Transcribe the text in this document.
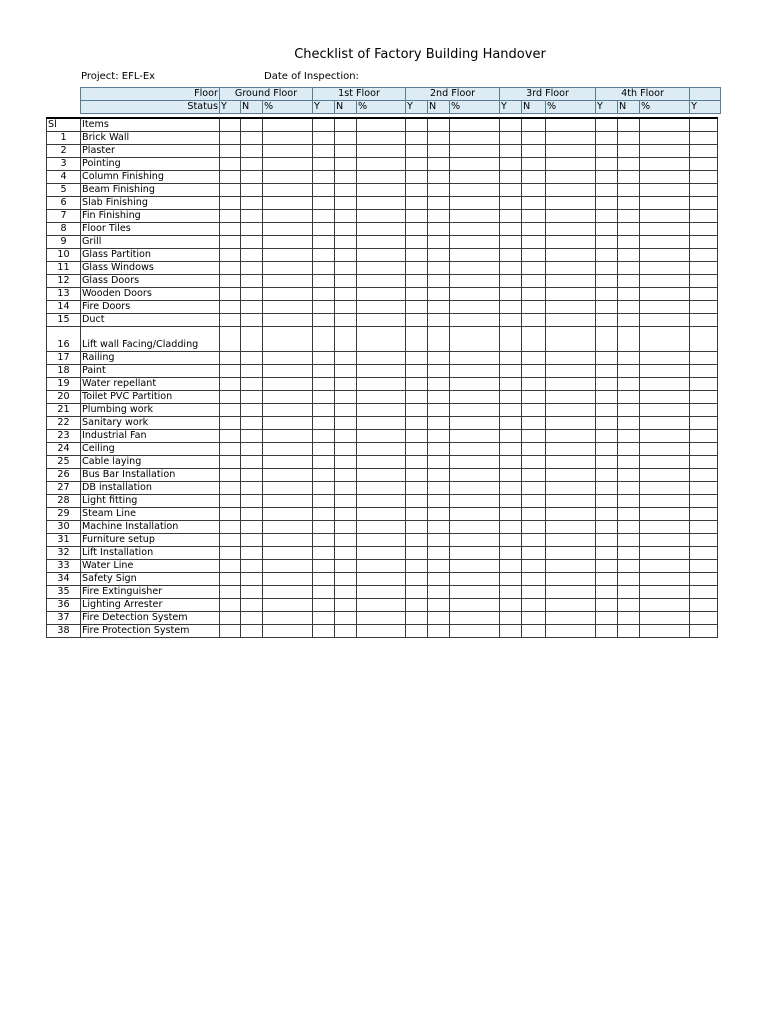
Checklist of Factory Building Handover
Project: EFL-Ex	Date of Inspection:
Floor	Ground Floor			1st Floor			2nd Floor			3rd Floor			4th Floor			
Status	Y	N	%	Y	N	%	Y	N	%	Y	N	%	Y	N	%	Y
Sl	Items																
1	Brick Wall																
2	Plaster																
3	Pointing																
4	Column Finishing																
5	Beam Finishing																
6	Slab Finishing																
7	Fin Finishing																
8	Floor Tiles																
9	Grill																
10	Glass Partition																
11	Glass Windows																
12	Glass Doors																
13	Wooden Doors																
14	Fire Doors																
15	Duct																
16	Lift wall Facing/Cladding																
17	Railing																
18	Paint																
19	Water repellant																
20	Toilet PVC Partition																
21	Plumbing work																
22	Sanitary work																
23	Industrial Fan																
24	Ceiling																
25	Cable laying																
26	Bus Bar Installation																
27	DB installation																
28	Light fitting																
29	Steam Line																
30	Machine Installation																
31	Furniture setup																
32	Lift Installation																
33	Water Line																
34	Safety Sign																
35	Fire Extinguisher																
36	Lighting Arrester																
37	Fire Detection System																
38	Fire Protection System																
